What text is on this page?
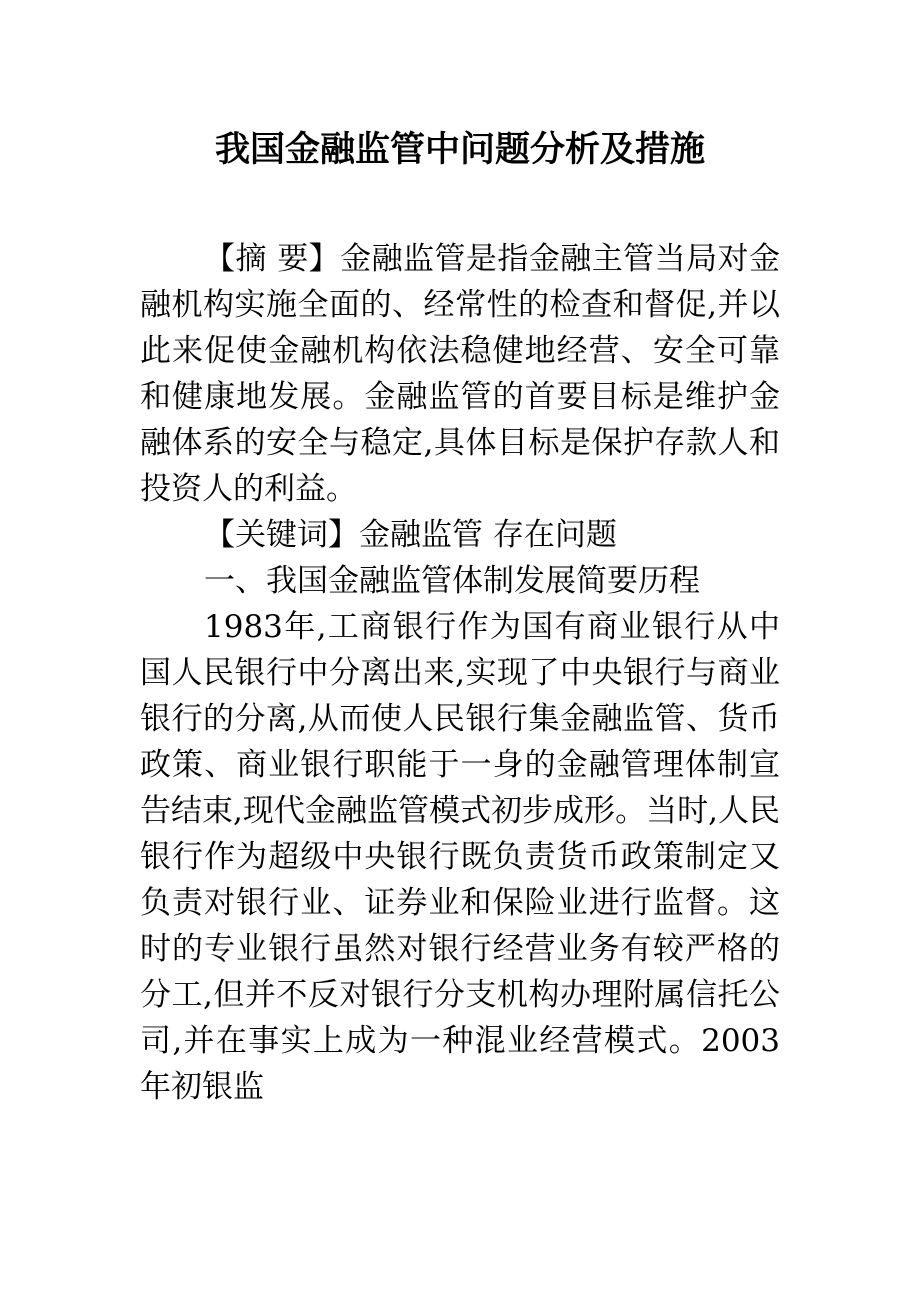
我国金融监管中问题分析及措施

【摘 要】金融监管是指金融主管当局对金融机构实施全面的、经常性的检查和督促,并以此来促使金融机构依法稳健地经营、安全可靠和健康地发展。金融监管的首要目标是维护金融体系的安全与稳定,具体目标是保护存款人和投资人的利益。

【关键词】金融监管 存在问题

一、我国金融监管体制发展简要历程

1983年,工商银行作为国有商业银行从中国人民银行中分离出来,实现了中央银行与商业银行的分离,从而使人民银行集金融监管、货币政策、商业银行职能于一身的金融管理体制宣告结束,现代金融监管模式初步成形。当时,人民银行作为超级中央银行既负责货币政策制定又负责对银行业、证券业和保险业进行监督。这时的专业银行虽然对银行经营业务有较严格的分工,但并不反对银行分支机构办理附属信托公司,并在事实上成为一种混业经营模式。2003年初银监
